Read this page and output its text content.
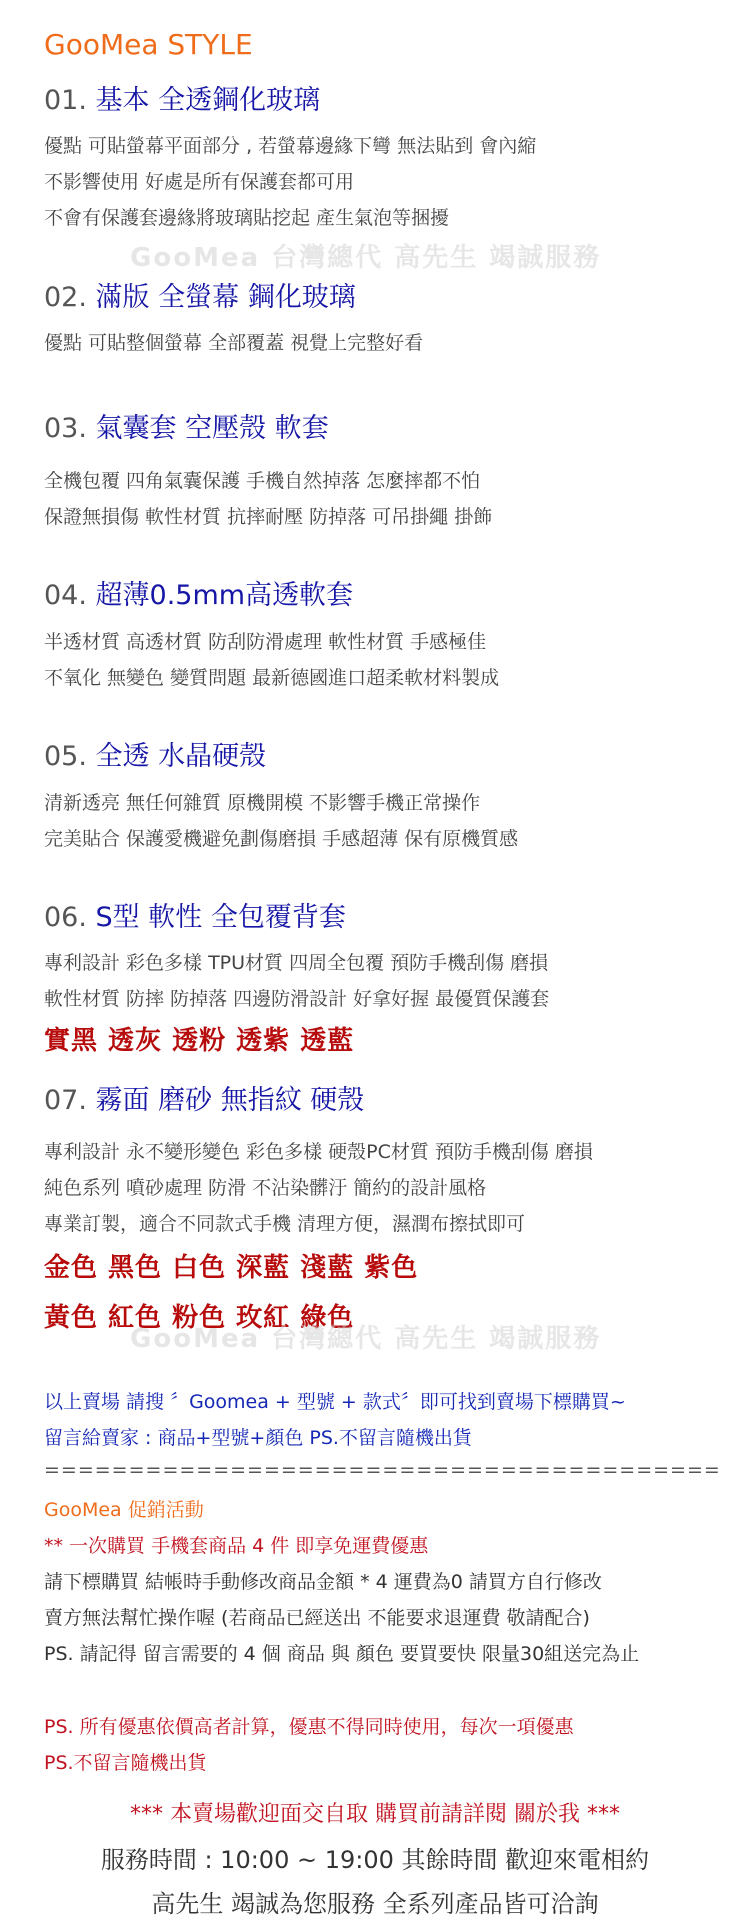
GooMea STYLE
01. 基本 全透鋼化玻璃
優點 可貼螢幕平面部分 , 若螢幕邊緣下彎 無法貼到 會內縮
不影響使用 好處是所有保護套都可用
不會有保護套邊緣將玻璃貼挖起 產生氣泡等捆擾
GooMea 台灣總代 高先生 竭誠服務
02. 滿版 全螢幕 鋼化玻璃
優點 可貼整個螢幕 全部覆蓋 視覺上完整好看
03. 氣囊套 空壓殼 軟套
全機包覆 四角氣囊保護 手機自然掉落 怎麼摔都不怕
保證無損傷 軟性材質 抗摔耐壓 防掉落 可吊掛繩 掛飾
04. 超薄0.5mm高透軟套
半透材質 高透材質 防刮防滑處理 軟性材質 手感極佳
不氧化 無變色 變質問題 最新德國進口超柔軟材料製成
05. 全透 水晶硬殼
清新透亮 無任何雜質 原機開模 不影響手機正常操作
完美貼合 保護愛機避免劃傷磨損 手感超薄 保有原機質感
06. S型 軟性 全包覆背套
專利設計 彩色多樣 TPU材質 四周全包覆 預防手機刮傷 磨損
軟性材質 防摔 防掉落 四邊防滑設計 好拿好握 最優質保護套
實黑 透灰 透粉 透紫 透藍
07. 霧面 磨砂 無指紋 硬殼
專利設計 永不變形變色 彩色多樣 硬殼PC材質 預防手機刮傷 磨損
純色系列 噴砂處理 防滑 不沾染髒汙 簡約的設計風格
專業訂製，適合不同款式手機 清理方便，濕潤布擦拭即可
金色 黑色 白色 深藍 淺藍 紫色
黃色 紅色 粉色 玫紅 綠色
GooMea 台灣總代 高先生 竭誠服務
以上賣場 請搜 〞Goomea + 型號 + 款式〞即可找到賣場下標購買~
留言給賣家 : 商品+型號+顏色 PS.不留言隨機出貨
========================================
GooMea 促銷活動
** 一次購買 手機套商品 4 件 即享免運費優惠
請下標購買 結帳時手動修改商品金額 * 4 運費為0 請買方自行修改
賣方無法幫忙操作喔 (若商品已經送出 不能要求退運費 敬請配合)
PS. 請記得 留言需要的 4 個 商品 與 顏色 要買要快 限量30組送完為止
PS. 所有優惠依價高者計算，優惠不得同時使用，每次一項優惠
PS.不留言隨機出貨
*** 本賣場歡迎面交自取 購買前請詳閱 關於我 ***
服務時間 : 10:00 ~ 19:00 其餘時間 歡迎來電相約
高先生 竭誠為您服務 全系列產品皆可洽詢
